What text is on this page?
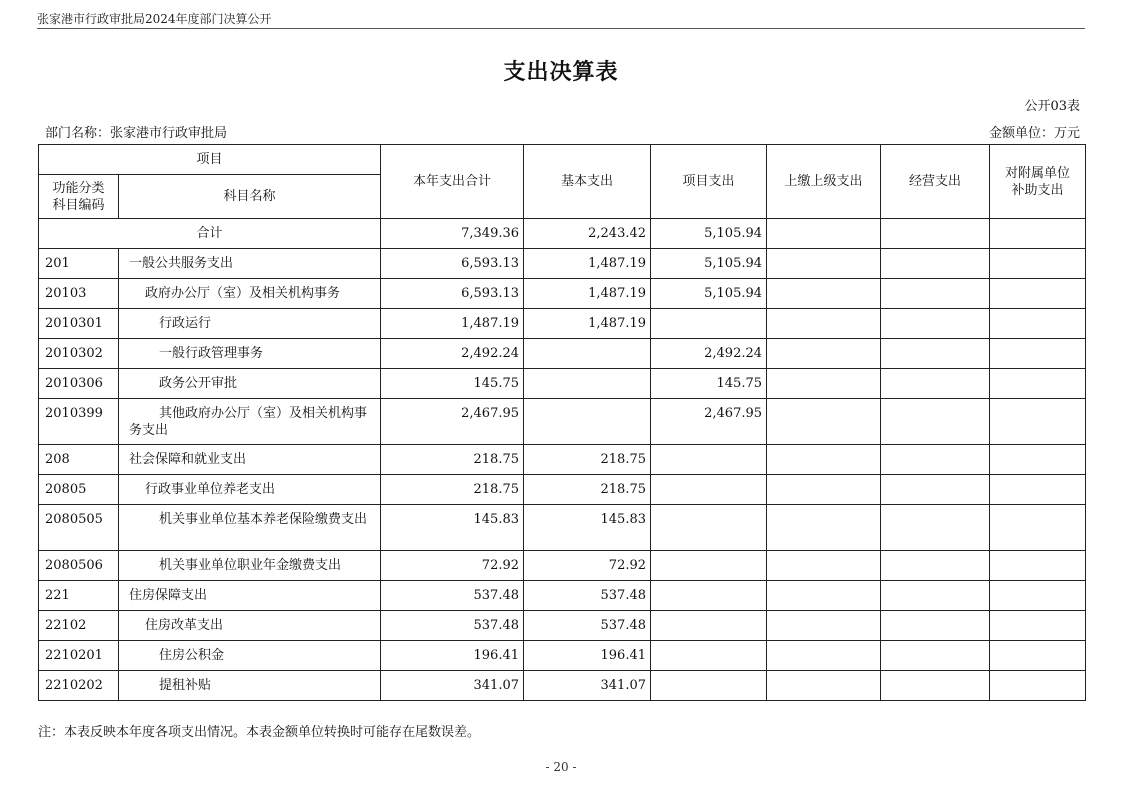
张家港市行政审批局2024年度部门决算公开
支出决算表
公开03表
部门名称：张家港市行政审批局	金额单位：万元
项目		本年支出合计	基本支出	项目支出	上缴上级支出	经营支出	对附属单位
补助支出
功能分类
科目编码	科目名称						
合计		7,349.36	2,243.42	5,105.94			
201	一般公共服务支出	6,593.13	1,487.19	5,105.94			
20103	政府办公厅（室）及相关机构事务	6,593.13	1,487.19	5,105.94			
2010301	行政运行	1,487.19	1,487.19				
2010302	一般行政管理事务	2,492.24		2,492.24			
2010306	政务公开审批	145.75		145.75			
2010399	其他政府办公厅（室）及相关机构事务支出	2,467.95		2,467.95			
208	社会保障和就业支出	218.75	218.75				
20805	行政事业单位养老支出	218.75	218.75				
2080505	机关事业单位基本养老保险缴费支出	145.83	145.83				
2080506	机关事业单位职业年金缴费支出	72.92	72.92				
221	住房保障支出	537.48	537.48				
22102	住房改革支出	537.48	537.48				
2210201	住房公积金	196.41	196.41				
2210202	提租补贴	341.07	341.07				
注：本表反映本年度各项支出情况。本表金额单位转换时可能存在尾数误差。
- 20 -
